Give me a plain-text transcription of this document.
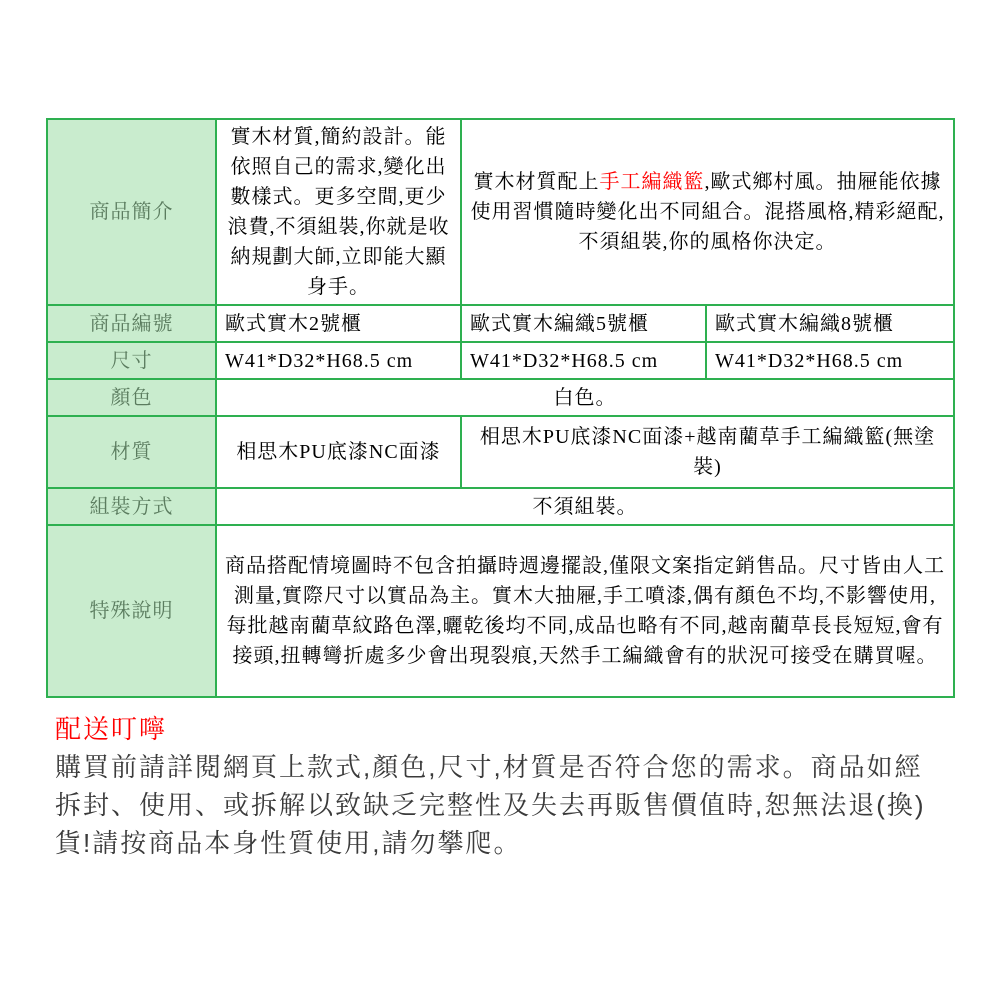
商品簡介	實木材質,簡約設計。能依照自己的需求,變化出數樣式。更多空間,更少浪費,不須組裝,你就是收納規劃大師,立即能大顯身手。	實木材質配上手工編織籃,歐式鄉村風。抽屜能依據使用習慣隨時變化出不同組合。混搭風格,精彩絕配,不須組裝,你的風格你決定。	
商品編號	歐式實木2號櫃	歐式實木編織5號櫃	歐式實木編織8號櫃
尺寸	W41*D32*H68.5 cm	W41*D32*H68.5 cm	W41*D32*H68.5 cm
顏色	白色。		
材質	相思木PU底漆NC面漆	相思木PU底漆NC面漆+越南藺草手工編織籃(無塗裝)	
組裝方式	不須組裝。		
特殊說明	商品搭配情境圖時不包含拍攝時週邊擺設,僅限文案指定銷售品。尺寸皆由人工測量,實際尺寸以實品為主。實木大抽屜,手工噴漆,偶有顏色不均,不影響使用,每批越南藺草紋路色澤,曬乾後均不同,成品也略有不同,越南藺草長長短短,會有接頭,扭轉彎折處多少會出現裂痕,天然手工編織會有的狀況可接受在購買喔。		
配送叮嚀
購買前請詳閱網頁上款式,顏色,尺寸,材質是否符合您的需求。商品如經拆封、使用、或拆解以致缺乏完整性及失去再販售價值時,恕無法退(換)貨!請按商品本身性質使用,請勿攀爬。
